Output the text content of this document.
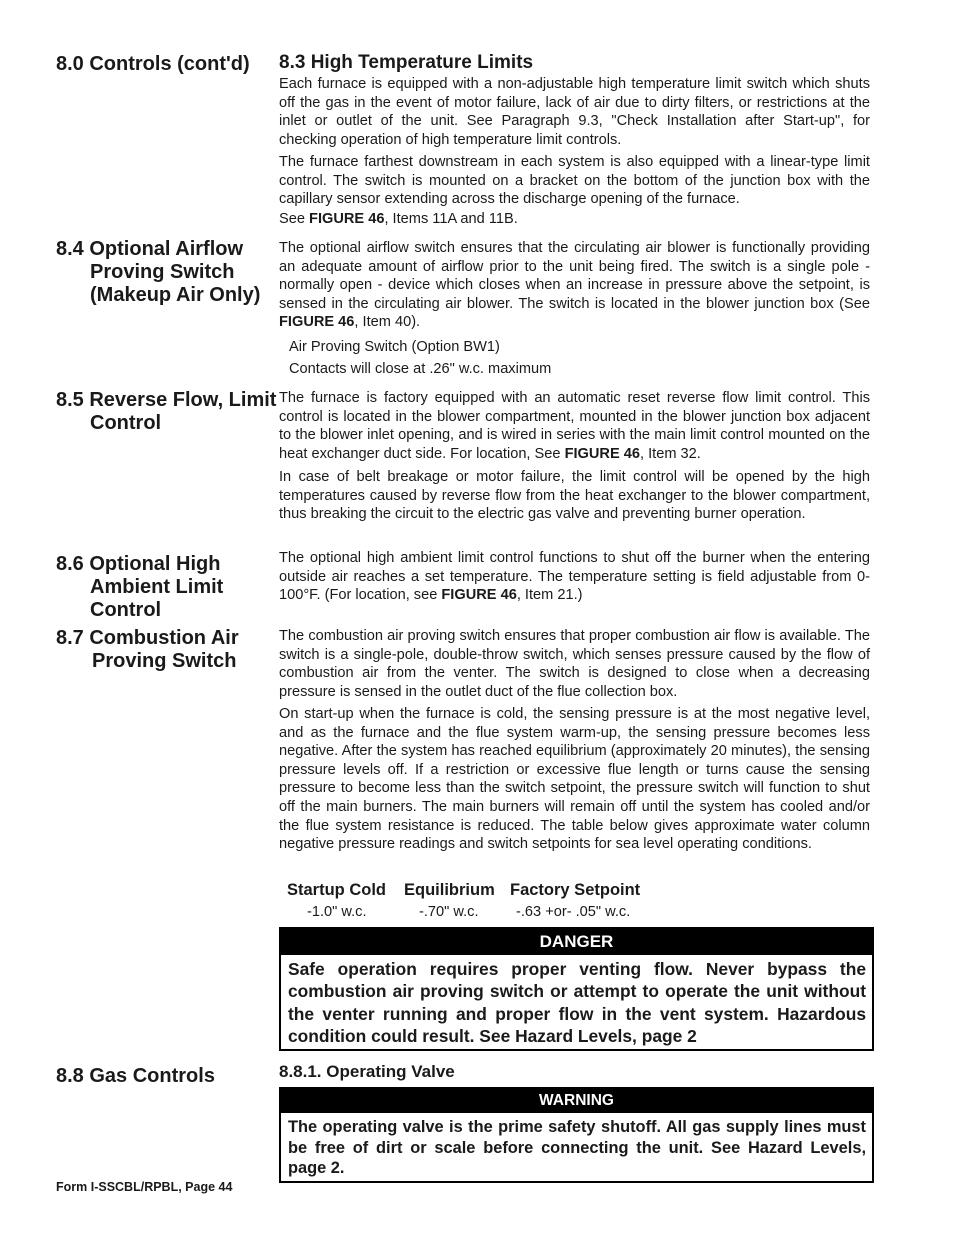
8.0 Controls (cont'd)
8.4 Optional Airflow Proving Switch (Makeup Air Only)
8.5 Reverse Flow, Limit Control
8.6 Optional High Ambient Limit Control
8.7 Combustion Air Proving Switch
8.8 Gas Controls
8.3 High Temperature Limits

Each furnace is equipped with a non-adjustable high temperature limit switch which shuts off the gas in the event of motor failure, lack of air due to dirty filters, or restrictions at the inlet or outlet of the unit. See Paragraph 9.3, "Check Installation after Start-up", for checking operation of high temperature limit controls.

The furnace farthest downstream in each system is also equipped with a linear-type limit control. The switch is mounted on a bracket on the bottom of the junction box with the capillary sensor extending across the discharge opening of the furnace.

See FIGURE 46, Items 11A and 11B.

The optional airflow switch ensures that the circulating air blower is functionally providing an adequate amount of airflow prior to the unit being fired. The switch is a single pole - normally open - device which closes when an increase in pressure above the setpoint, is sensed in the circulating air blower. The switch is located in the blower junction box (See FIGURE 46, Item 40).

Air Proving Switch (Option BW1)
Contacts will close at .26" w.c. maximum

The furnace is factory equipped with an automatic reset reverse flow limit control. This control is located in the blower compartment, mounted in the blower junction box adjacent to the blower inlet opening, and is wired in series with the main limit control mounted on the heat exchanger duct side. For location, See FIGURE 46, Item 32.

In case of belt breakage or motor failure, the limit control will be opened by the high temperatures caused by reverse flow from the heat exchanger to the blower compartment, thus breaking the circuit to the electric gas valve and preventing burner operation.

The optional high ambient limit control functions to shut off the burner when the entering outside air reaches a set temperature. The temperature setting is field adjustable from 0-100°F. (For location, see FIGURE 46, Item 21.)

The combustion air proving switch ensures that proper combustion air flow is available. The switch is a single-pole, double-throw switch, which senses pressure caused by the flow of combustion air from the venter. The switch is designed to close when a decreasing pressure is sensed in the outlet duct of the flue collection box.

On start-up when the furnace is cold, the sensing pressure is at the most negative level, and as the furnace and the flue system warm-up, the sensing pressure becomes less negative. After the system has reached equilibrium (approximately 20 minutes), the sensing pressure levels off. If a restriction or excessive flue length or turns cause the sensing pressure to become less than the switch setpoint, the pressure switch will function to shut off the main burners. The main burners will remain off until the system has cooled and/or the flue system resistance is reduced. The table below gives approximate water column negative pressure readings and switch setpoints for sea level operating conditions.

Startup Cold Equilibrium Factory Setpoint
-1.0" w.c.	-.70" w.c.	-.63 +or- .05" w.c.
DANGER
Safe operation requires proper venting flow. Never bypass the combustion air proving switch or attempt to operate the unit without the venter running and proper flow in the vent system. Hazardous condition could result. See Hazard Levels, page 2
8.8.1. Operating Valve
WARNING
The operating valve is the prime safety shutoff. All gas supply lines must be free of dirt or scale before connecting the unit. See Hazard Levels, page 2.
Form I-SSCBL/RPBL, Page 44
